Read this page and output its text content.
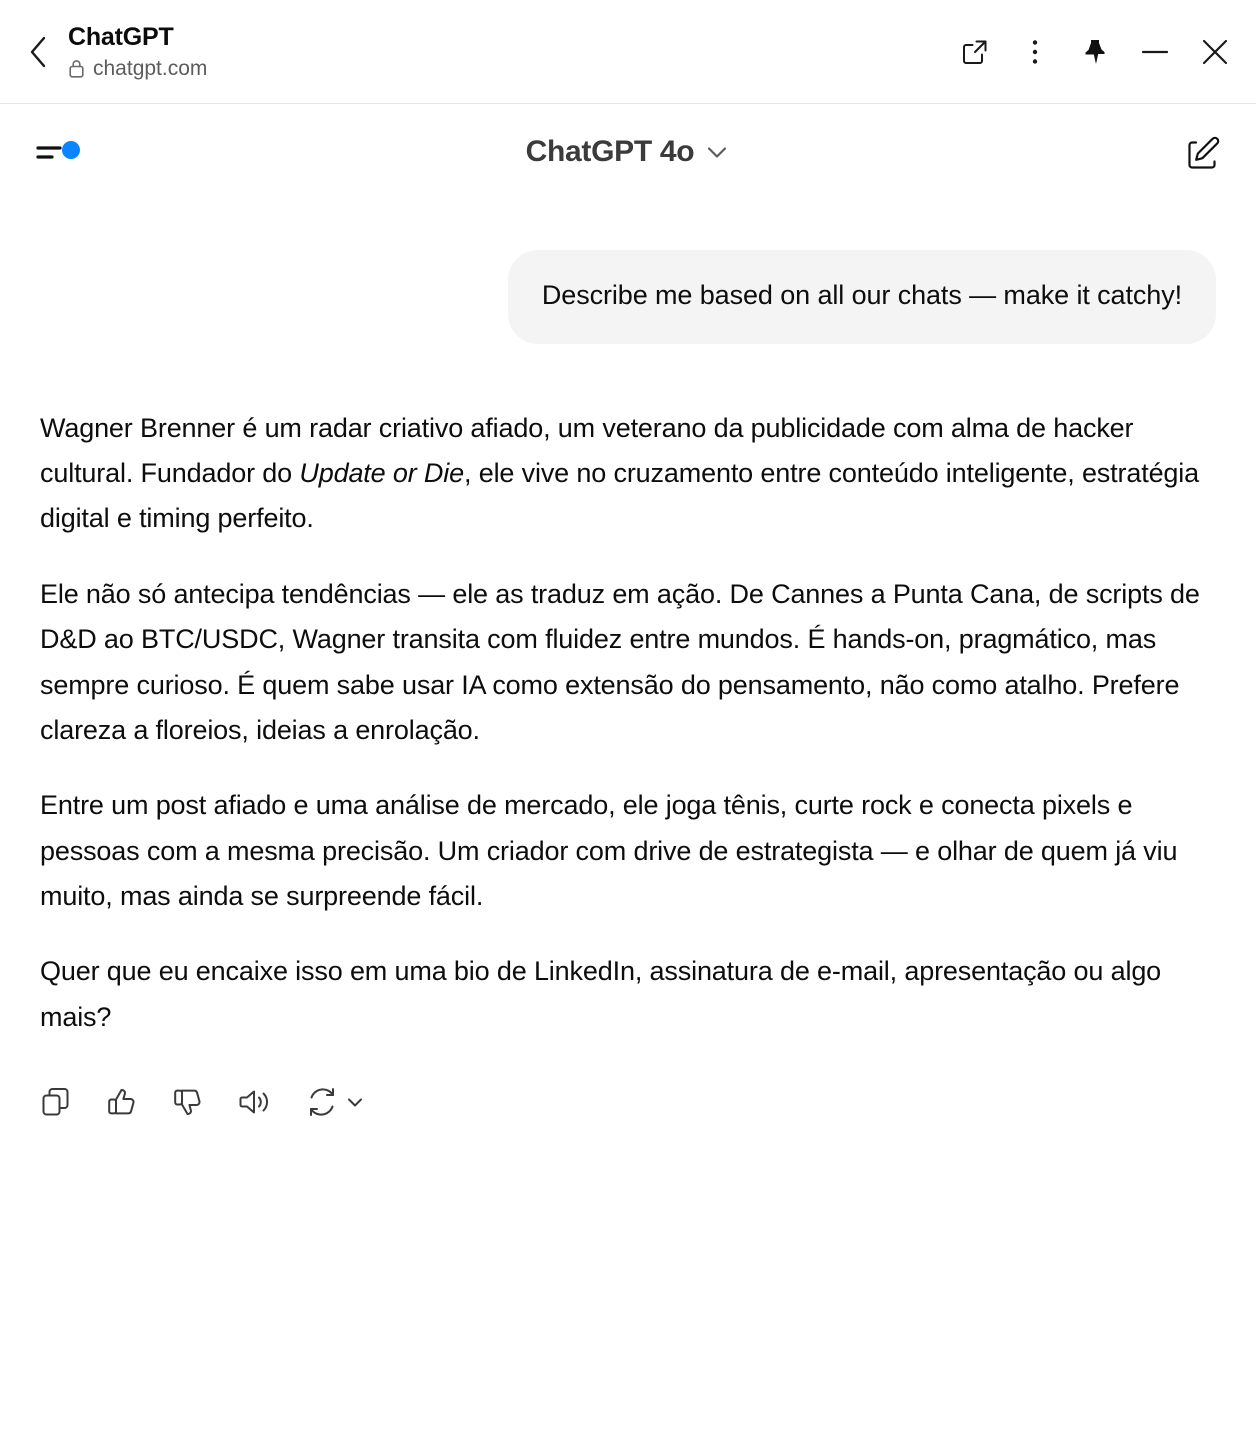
ChatGPT
chatgpt.com
ChatGPT 4o
Describe me based on all our chats — make it catchy!

Wagner Brenner é um radar criativo afiado, um veterano da publicidade com alma de hacker cultural. Fundador do Update or Die, ele vive no cruzamento entre conteúdo inteligente, estratégia digital e timing perfeito.

Ele não só antecipa tendências — ele as traduz em ação. De Cannes a Punta Cana, de scripts de D&D ao BTC/USDC, Wagner transita com fluidez entre mundos. É hands-on, pragmático, mas sempre curioso. É quem sabe usar IA como extensão do pensamento, não como atalho. Prefere clareza a floreios, ideias a enrolação.

Entre um post afiado e uma análise de mercado, ele joga tênis, curte rock e conecta pixels e pessoas com a mesma precisão. Um criador com drive de estrategista — e olhar de quem já viu muito, mas ainda se surpreende fácil.

Quer que eu encaixe isso em uma bio de LinkedIn, assinatura de e-mail, apresentação ou algo mais?
